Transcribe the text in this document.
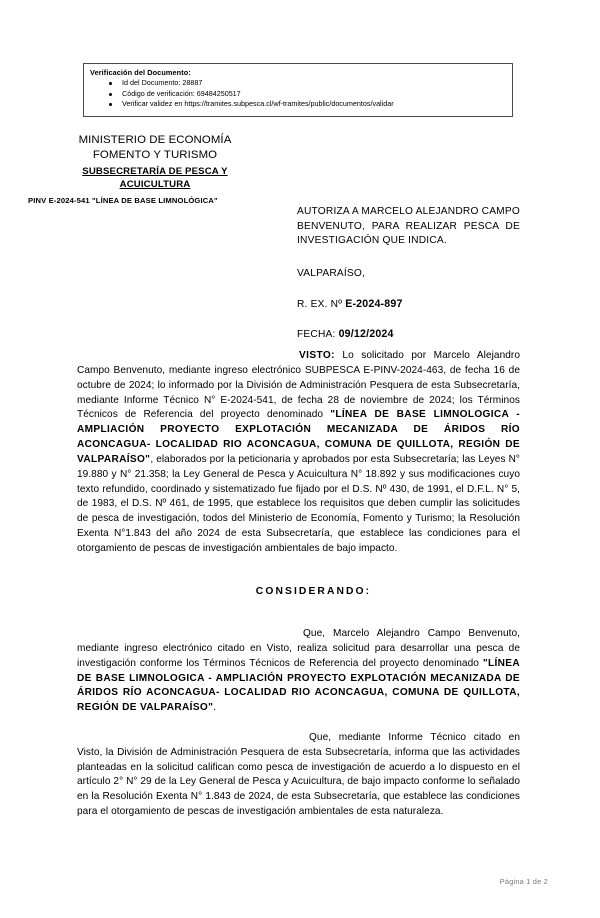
Verificación del Documento:
Id del Documento: 28887
Código de verificación: 69484250517
Verificar validez en https://tramites.subpesca.cl/wf-tramites/public/documentos/validar
MINISTERIO DE ECONOMÍA
FOMENTO Y TURISMO
SUBSECRETARÍA DE PESCA Y
ACUICULTURA
PINV E-2024-541 "LÍNEA DE BASE LIMNOLÓGICA"
AUTORIZA A MARCELO ALEJANDRO CAMPO BENVENUTO, PARA REALIZAR PESCA DE INVESTIGACIÓN QUE INDICA.
VALPARAÍSO,
R. EX. Nº E-2024-897
FECHA: 09/12/2024

VISTO: Lo solicitado por Marcelo Alejandro Campo Benvenuto, mediante ingreso electrónico SUBPESCA E-PINV-2024-463, de fecha 16 de octubre de 2024; lo informado por la División de Administración Pesquera de esta Subsecretaría, mediante Informe Técnico N° E-2024-541, de fecha 28 de noviembre de 2024; los Términos Técnicos de Referencia del proyecto denominado "LÍNEA DE BASE LIMNOLOGICA - AMPLIACIÓN PROYECTO EXPLOTACIÓN MECANIZADA DE ÁRIDOS RÍO ACONCAGUA- LOCALIDAD RIO ACONCAGUA, COMUNA DE QUILLOTA, REGIÓN DE VALPARAÍSO", elaborados por la peticionaria y aprobados por esta Subsecretaría; las Leyes N° 19.880 y N° 21.358; la Ley General de Pesca y Acuicultura N° 18.892 y sus modificaciones cuyo texto refundido, coordinado y sistematizado fue fijado por el D.S. Nº 430, de 1991, el D.F.L. N° 5, de 1983, el D.S. Nº 461, de 1995, que establece los requisitos que deben cumplir las solicitudes de pesca de investigación, todos del Ministerio de Economía, Fomento y Turismo; la Resolución Exenta N°1.843 del año 2024 de esta Subsecretaría, que establece las condiciones para el otorgamiento de pescas de investigación ambientales de bajo impacto.

CONSIDERANDO:

Que, Marcelo Alejandro Campo Benvenuto, mediante ingreso electrónico citado en Visto, realiza solicitud para desarrollar una pesca de investigación conforme los Términos Técnicos de Referencia del proyecto denominado "LÍNEA DE BASE LIMNOLOGICA - AMPLIACIÓN PROYECTO EXPLOTACIÓN MECANIZADA DE ÁRIDOS RÍO ACONCAGUA- LOCALIDAD RIO ACONCAGUA, COMUNA DE QUILLOTA, REGIÓN DE VALPARAÍSO".

Que, mediante Informe Técnico citado en Visto, la División de Administración Pesquera de esta Subsecretaría, informa que las actividades planteadas en la solicitud califican como pesca de investigación de acuerdo a lo dispuesto en el artículo 2° N° 29 de la Ley General de Pesca y Acuicultura, de bajo impacto conforme lo señalado en la Resolución Exenta N° 1.843 de 2024, de esta Subsecretaría, que establece las condiciones para el otorgamiento de pescas de investigación ambientales de esta naturaleza.

Página 1 de 2
